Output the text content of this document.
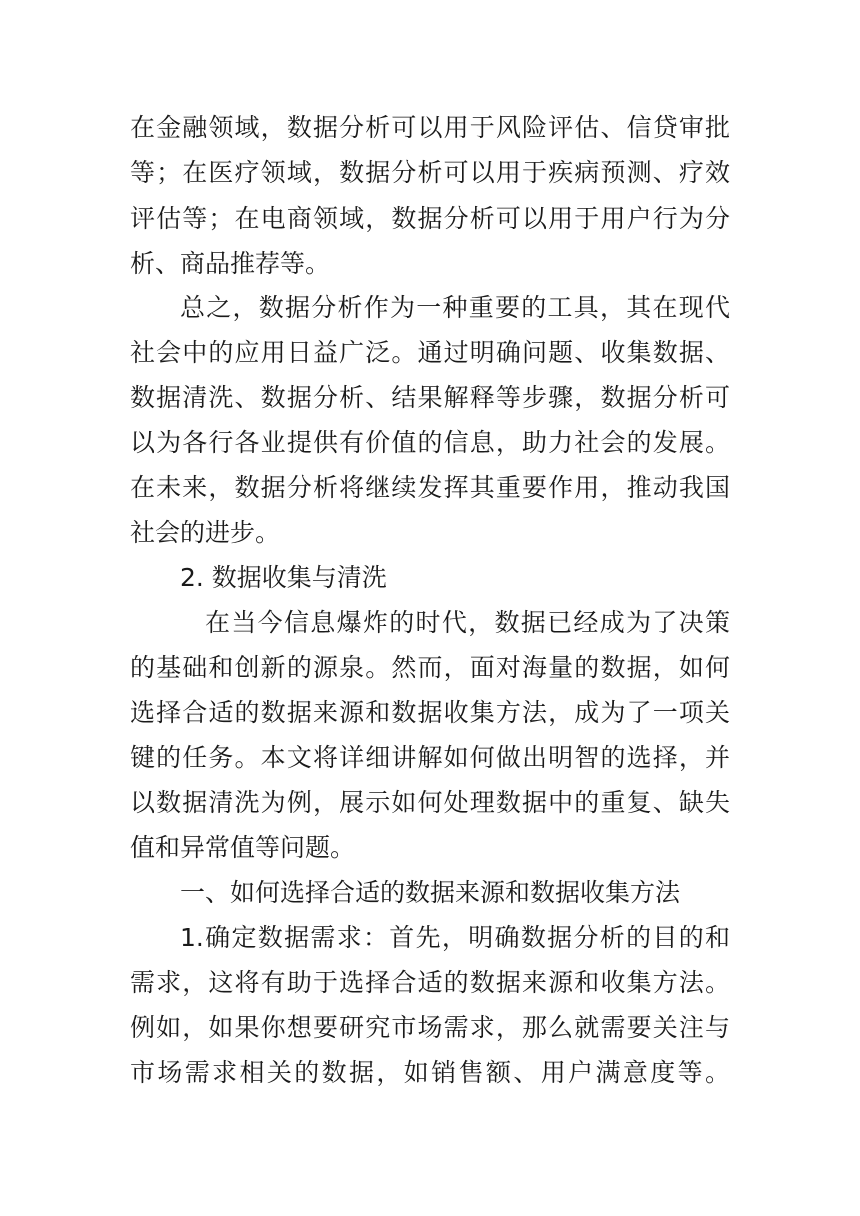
在金融领域，数据分析可以用于风险评估、信贷审批
等；在医疗领域，数据分析可以用于疾病预测、疗效
评估等；在电商领域，数据分析可以用于用户行为分
析、商品推荐等。
总之，数据分析作为一种重要的工具，其在现代
社会中的应用日益广泛。通过明确问题、收集数据、
数据清洗、数据分析、结果解释等步骤，数据分析可
以为各行各业提供有价值的信息，助力社会的发展。
在未来，数据分析将继续发挥其重要作用，推动我国
社会的进步。
2. 数据收集与清洗
在当今信息爆炸的时代，数据已经成为了决策
的基础和创新的源泉。然而，面对海量的数据，如何
选择合适的数据来源和数据收集方法，成为了一项关
键的任务。本文将详细讲解如何做出明智的选择，并
以数据清洗为例，展示如何处理数据中的重复、缺失
值和异常值等问题。
一、如何选择合适的数据来源和数据收集方法
1.确定数据需求：首先，明确数据分析的目的和
需求，这将有助于选择合适的数据来源和收集方法。
例如，如果你想要研究市场需求，那么就需要关注与
市场需求相关的数据，如销售额、用户满意度等。
